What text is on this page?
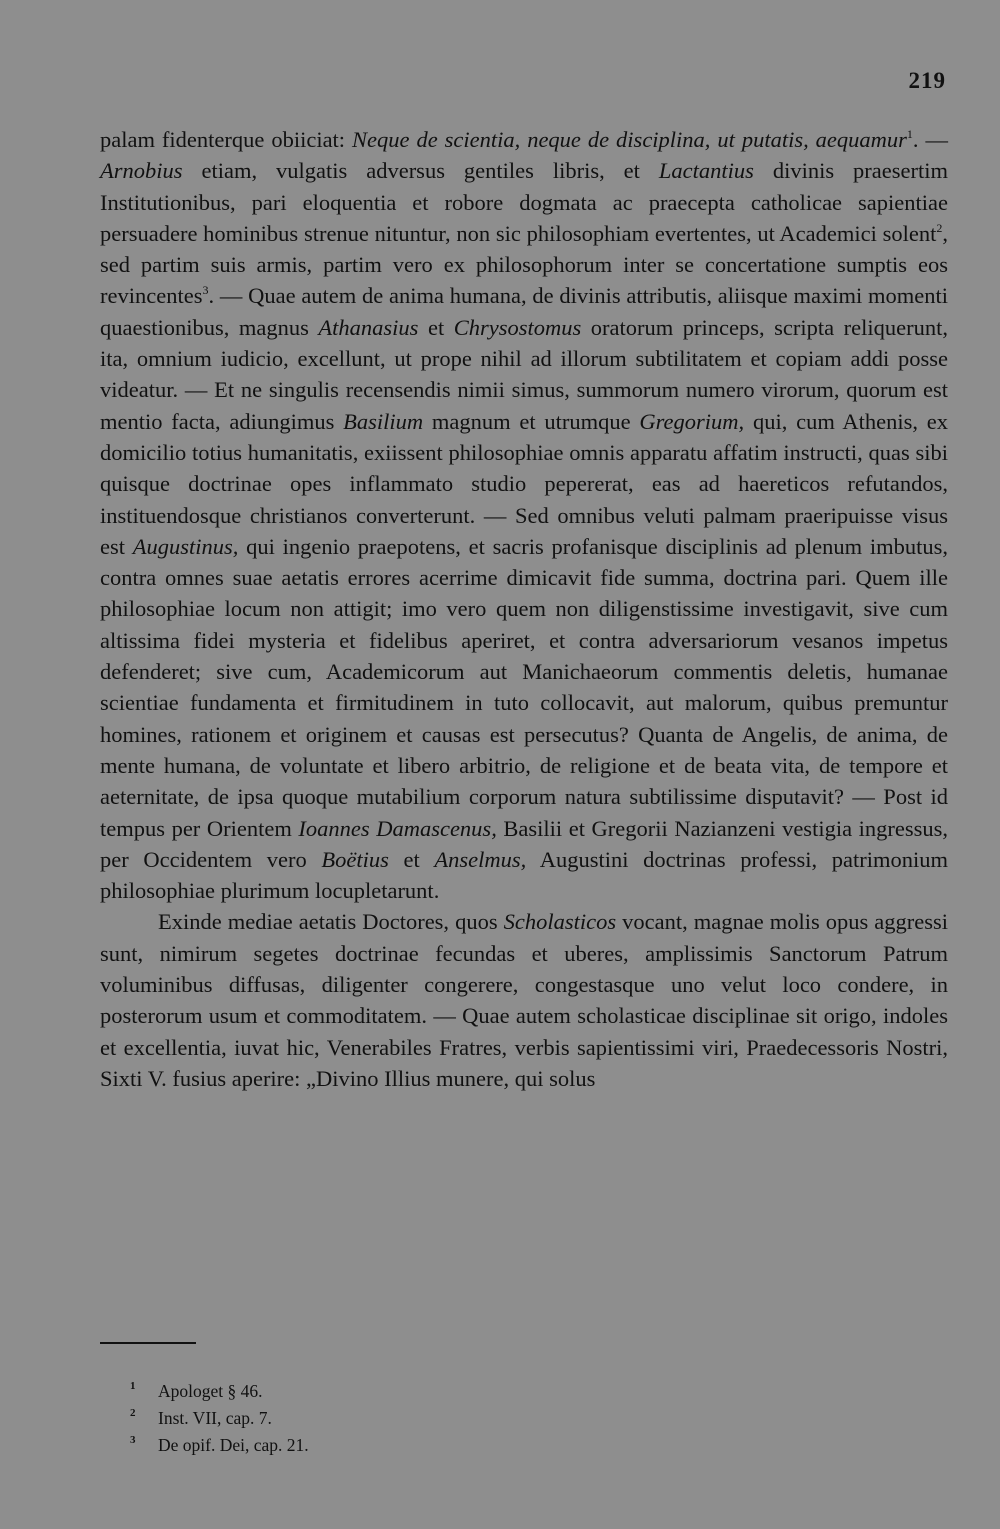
219

palam fidenterque obiiciat: Neque de scientia, neque de disciplina, ut putatis, aequamur$^1$. — Arnobius etiam, vulgatis adversus gentiles libris, et Lactantius divinis praesertim Institutionibus, pari eloquentia et robore dogmata ac praecepta catholicae sapientiae persuadere hominibus strenue nituntur, non sic philosophiam evertentes, ut Academici solent$^2$, sed partim suis armis, partim vero ex philosophorum inter se concertatione sumptis eos revincentes$^3$. — Quae autem de anima humana, de divinis attributis, aliisque maximi momenti quaestionibus, magnus Athanasius et Chrysostomus oratorum princeps, scripta reliquerunt, ita, omnium iudicio, excellunt, ut prope nihil ad illorum subtilitatem et copiam addi posse videatur. — Et ne singulis recensendis nimii simus, summorum numero virorum, quorum est mentio facta, adiungimus Basilium magnum et utrumque Gregorium, qui, cum Athenis, ex domicilio totius humanitatis, exiissent philosophiae omnis apparatu affatim instructi, quas sibi quisque doctrinae opes inflammato studio pepererat, eas ad haereticos refutandos, instituendosque christianos converterunt. — Sed omnibus veluti palmam praeripuisse visus est Augustinus, qui ingenio praepotens, et sacris profanisque disciplinis ad plenum imbutus, contra omnes suae aetatis errores acerrime dimicavit fide summa, doctrina pari. Quem ille philosophiae locum non attigit; imo vero quem non diligenstissime investigavit, sive cum altissima fidei mysteria et fidelibus aperiret, et contra adversariorum vesanos impetus defenderet; sive cum, Academicorum aut Manichaeorum commentis deletis, humanae scientiae fundamenta et firmitudinem in tuto collocavit, aut malorum, quibus premuntur homines, rationem et originem et causas est persecutus? Quanta de Angelis, de anima, de mente humana, de voluntate et libero arbitrio, de religione et de beata vita, de tempore et aeternitate, de ipsa quoque mutabilium corporum natura subtilissime disputavit? — Post id tempus per Orientem Ioannes Damascenus, Basilii et Gregorii Nazianzeni vestigia ingressus, per Occidentem vero Boëtius et Anselmus, Augustini doctrinas professi, patrimonium philosophiae plurimum locupletarunt.

Exinde mediae aetatis Doctores, quos Scholasticos vocant, magnae molis opus aggressi sunt, nimirum segetes doctrinae fecundas et uberes, amplissimis Sanctorum Patrum voluminibus diffusas, diligenter congerere, congestasque uno velut loco condere, in posterorum usum et commoditatem. — Quae autem scholasticae disciplinae sit origo, indoles et excellentia, iuvat hic, Venerabiles Fratres, verbis sapientissimi viri, Praedecessoris Nostri, Sixti V. fusius aperire: „Divino Illius munere, qui solus

1 Apologet § 46.
2 Inst. VII, cap. 7.
3 De opif. Dei, cap. 21.
